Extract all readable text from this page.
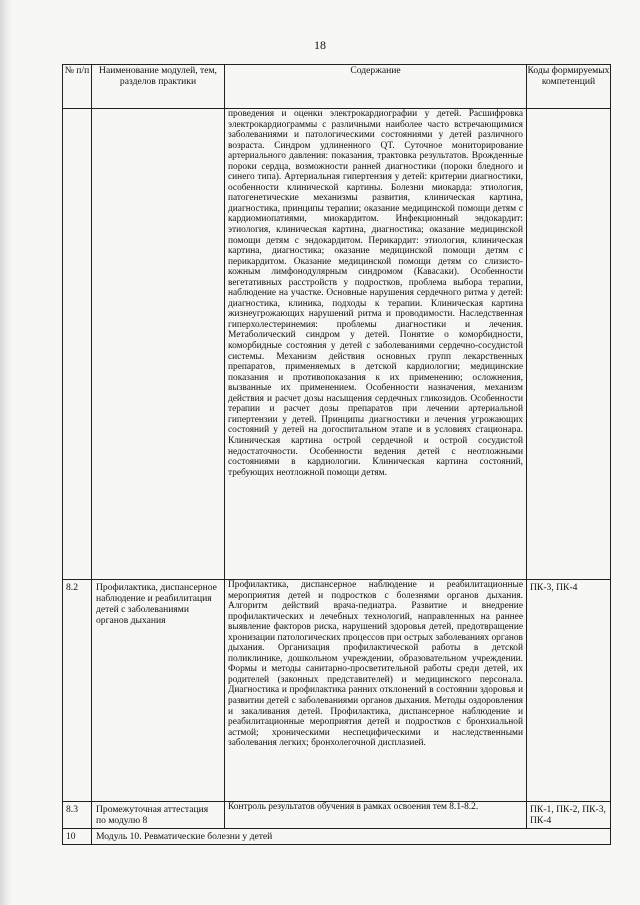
18
№ п/п	Наименование модулей, тем, разделов практики	Содержание	Коды формируемых компетенций
		проведения и оценки электрокардиографии у детей. Расшифровка электрокардиограммы с различными наиболее часто встречающимися заболеваниями и патологическими состояниями у детей различного возраста. Синдром удлиненного QT. Суточное мониторирование артериального давления: показания, трактовка результатов. Врожденные пороки сердца, возможности ранней диагностики (пороки бледного и синего типа). Артериальная гипертензия у детей: критерии диагностики, особенности клинической картины. Болезни миокарда: этиология, патогенетические механизмы развития, клиническая картина, диагностика, принципы терапии; оказание медицинской помощи детям с кардиомиопатиями, миокардитом. Инфекционный эндокардит: этиология, клиническая картина, диагностика; оказание медицинской помощи детям с эндокардитом. Перикардит: этиология, клиническая картина, диагностика; оказание медицинской помощи детям с перикардитом. Оказание медицинской помощи детям со слизисто-кожным лимфонодулярным синдромом (Кавасаки). Особенности вегетативных расстройств у подростков, проблема выбора терапии, наблюдение на участке. Основные нарушения сердечного ритма у детей: диагностика, клиника, подходы к терапии. Клиническая картина жизнеугрожающих нарушений ритма и проводимости. Наследственная гиперхолестеринемия: проблемы диагностики и лечения. Метаболический синдром у детей. Понятие о коморбидности, коморбидные состояния у детей с заболеваниями сердечно-сосудистой системы. Механизм действия основных групп лекарственных препаратов, применяемых в детской кардиологии; медицинские показания и противопоказания к их применению; осложнения, вызванные их применением. Особенности назначения, механизм действия и расчет дозы насыщения сердечных гликозидов. Особенности терапии и расчет дозы препаратов при лечении артериальной гипертензии у детей. Принципы диагностики и лечения угрожающих состояний у детей на догоспитальном этапе и в условиях стационара. Клиническая картина острой сердечной и острой сосудистой недостаточности. Особенности ведения детей с неотложными состояниями в кардиологии. Клиническая картина состояний, требующих неотложной помощи детям.	
8.2	Профилактика, диспансерное наблюдение и реабилитация детей с заболеваниями органов дыхания	Профилактика, диспансерное наблюдение и реабилитационные мероприятия детей и подростков с болезнями органов дыхания. Алгоритм действий врача-педиатра. Развитие и внедрение профилактических и лечебных технологий, направленных на раннее выявление факторов риска, нарушений здоровья детей, предотвращение хронизации патологических процессов при острых заболеваниях органов дыхания. Организация профилактической работы в детской поликлинике, дошкольном учреждении, образовательном учреждении. Формы и методы санитарно-просветительной работы среди детей, их родителей (законных представителей) и медицинского персонала. Диагностика и профилактика ранних отклонений в состоянии здоровья и развитии детей с заболеваниями органов дыхания. Методы оздоровления и закаливания детей. Профилактика, диспансерное наблюдение и реабилитационные мероприятия детей и подростков с бронхиальной астмой; хроническими неспецифическими и наследственными заболевания легких; бронхолегочной дисплазией.	ПК-3, ПК-4
8.3	Промежуточная аттестация по модулю 8	Контроль результатов обучения в рамках освоения тем 8.1-8.2.	ПК-1, ПК-2, ПК-3, ПК-4
10	Модуль 10. Ревматические болезни у детей		
